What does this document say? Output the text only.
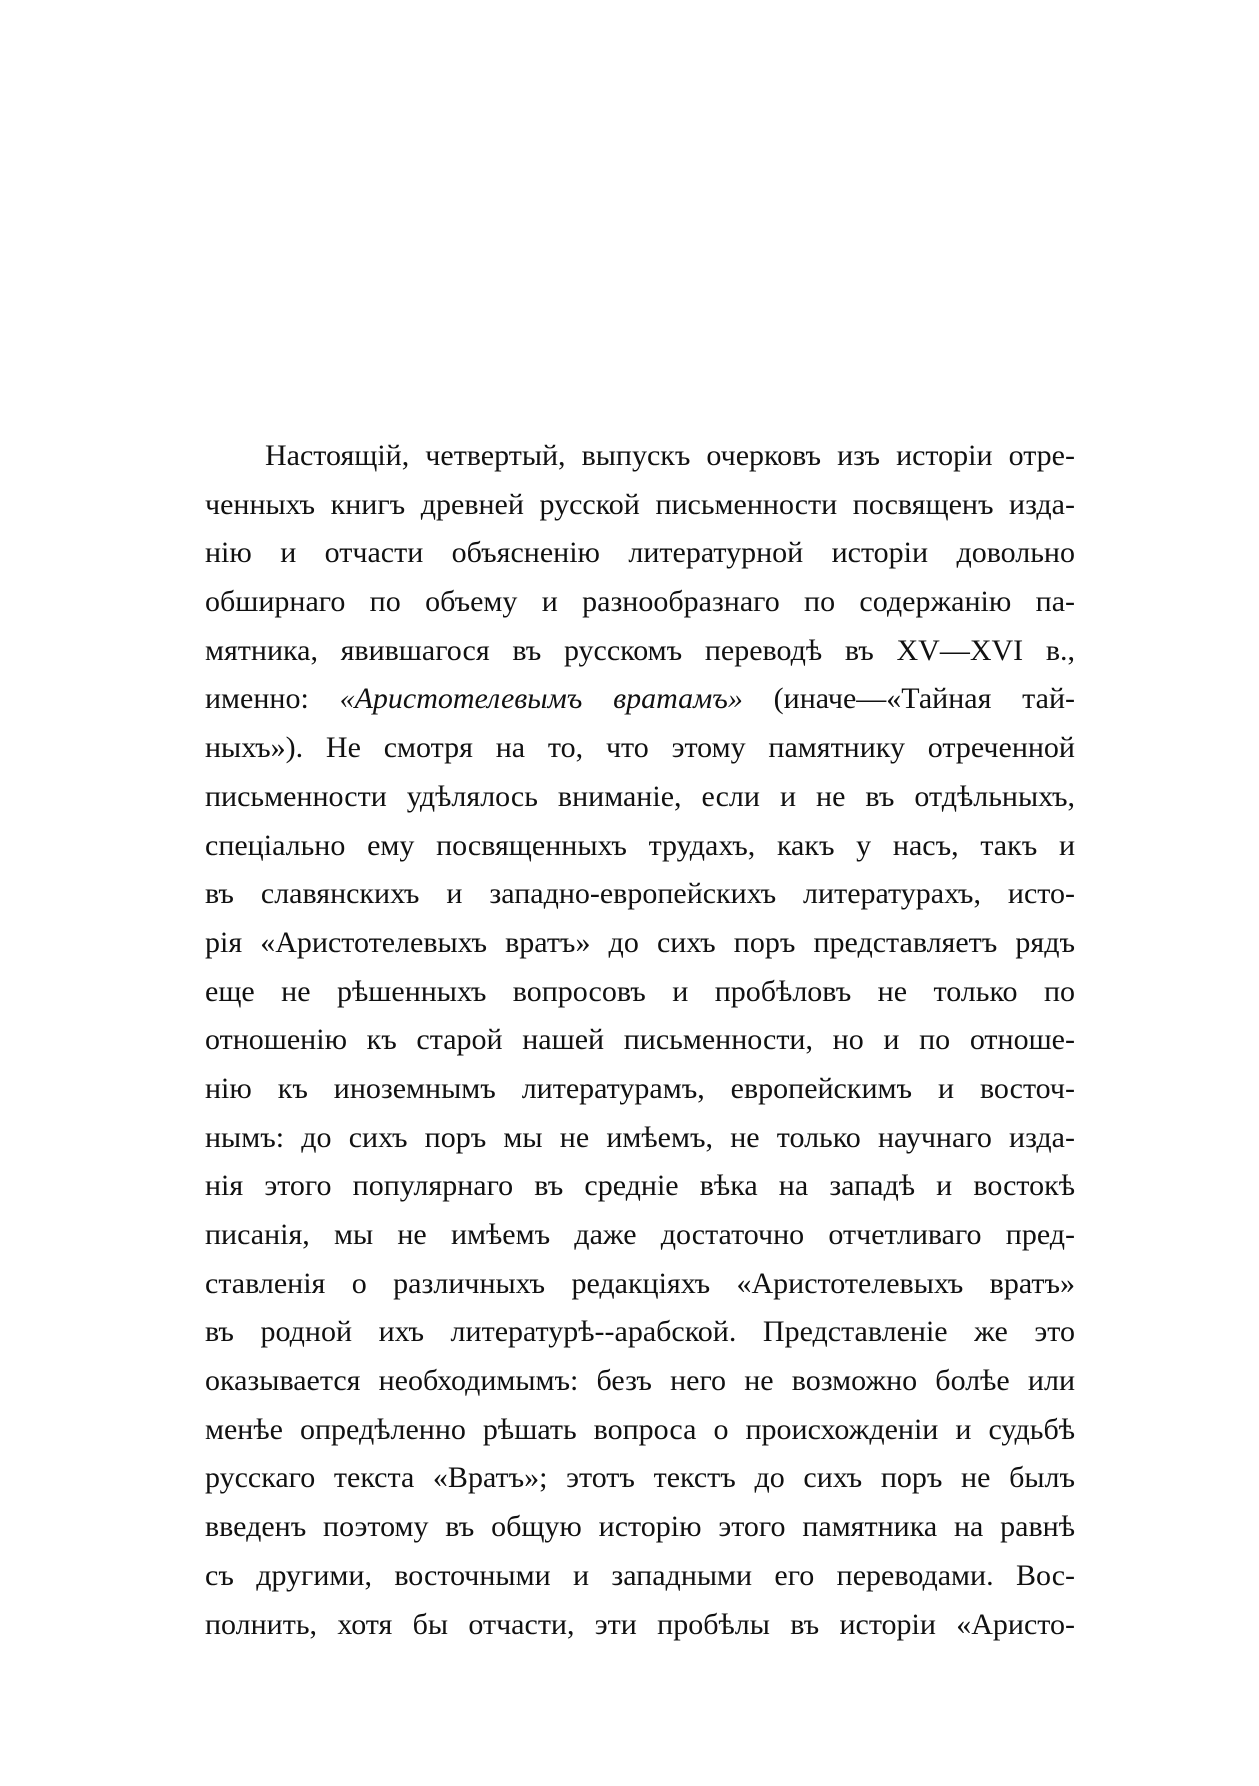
Настоящій, четвертый, выпускъ очерковъ изъ исторіи отре-
ченныхъ книгъ древней русской письменности посвященъ изда-
нію и отчасти объясненію литературной исторіи довольно
обширнаго по объему и разнообразнаго по содержанію па-
мятника, явившагося въ русскомъ переводѣ въ XV—XVI в.,
именно: «Аристотелевымъ вратамъ» (иначе—«Тайная тай-
ныхъ»). Не смотря на то, что этому памятнику отреченной
письменности удѣлялось вниманіе, если и не въ отдѣльныхъ,
спеціально ему посвященныхъ трудахъ, какъ у насъ, такъ и
въ славянскихъ и западно-европейскихъ литературахъ, исто-
рія «Аристотелевыхъ вратъ» до сихъ поръ представляетъ рядъ
еще не рѣшенныхъ вопросовъ и пробѣловъ не только по
отношенію къ старой нашей письменности, но и по отноше-
нію къ иноземнымъ литературамъ, европейскимъ и восточ-
нымъ: до сихъ поръ мы не имѣемъ, не только научнаго изда-
нія этого популярнаго въ средніе вѣка на западѣ и востокѣ
писанія, мы не имѣемъ даже достаточно отчетливаго пред-
ставленія о различныхъ редакціяхъ «Аристотелевыхъ вратъ»
въ родной ихъ литературѣ--арабской. Представленіе же это
оказывается необходимымъ: безъ него не возможно болѣе или
менѣе опредѣленно рѣшать вопроса о происхожденіи и судьбѣ
русскаго текста «Вратъ»; этотъ текстъ до сихъ поръ не былъ
введенъ поэтому въ общую исторію этого памятника на равнѣ
съ другими, восточными и западными его переводами. Вос-
полнить, хотя бы отчасти, эти пробѣлы въ исторіи «Аристо-
